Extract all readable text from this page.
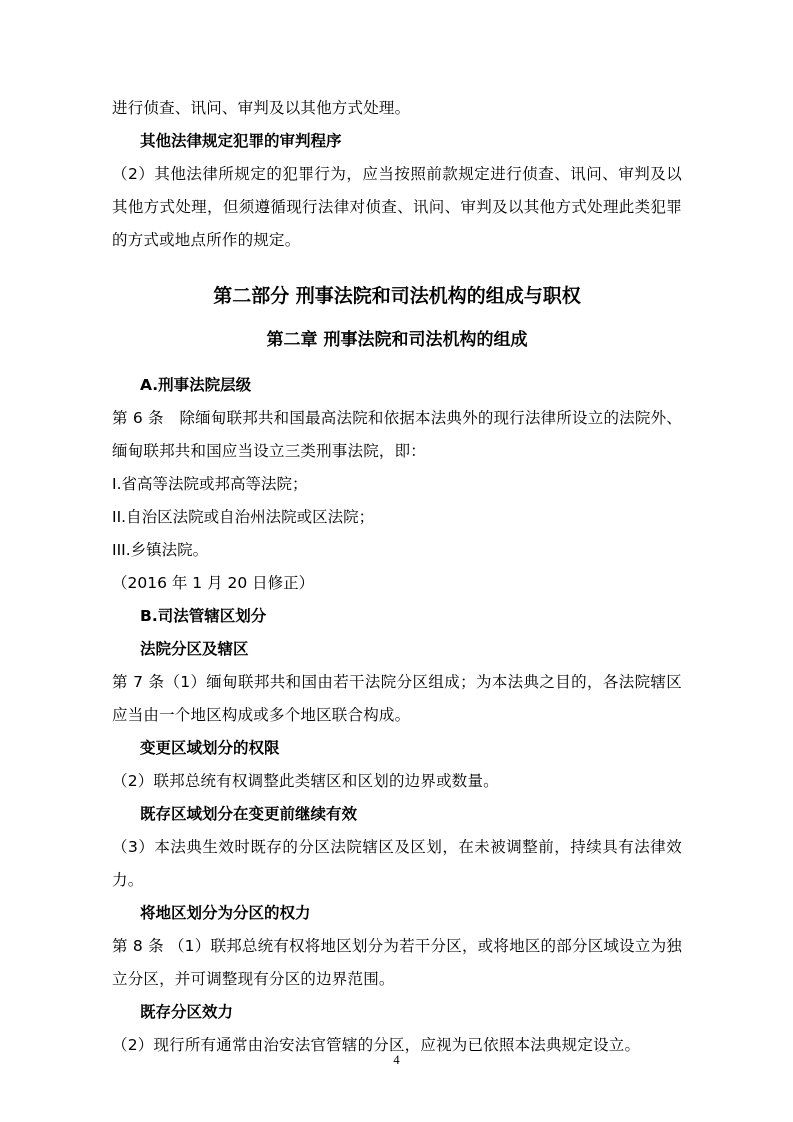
进行侦查、讯问、审判及以其他方式处理。

其他法律规定犯罪的审判程序

（2）其他法律所规定的犯罪行为，应当按照前款规定进行侦查、讯问、审判及以其他方式处理，但须遵循现行法律对侦查、讯问、审判及以其他方式处理此类犯罪的方式或地点所作的规定。

第二部分 刑事法院和司法机构的组成与职权
第二章 刑事法院和司法机构的组成

A.刑事法院层级

第 6 条　除缅甸联邦共和国最高法院和依据本法典外的现行法律所设立的法院外、缅甸联邦共和国应当设立三类刑事法院，即：

I.省高等法院或邦高等法院；

II.自治区法院或自治州法院或区法院；

III.乡镇法院。

（2016 年 1 月 20 日修正）

B.司法管辖区划分

法院分区及辖区

第 7 条（1）缅甸联邦共和国由若干法院分区组成；为本法典之目的，各法院辖区应当由一个地区构成或多个地区联合构成。

变更区域划分的权限

（2）联邦总统有权调整此类辖区和区划的边界或数量。

既存区域划分在变更前继续有效

（3）本法典生效时既存的分区法院辖区及区划，在未被调整前，持续具有法律效力。

将地区划分为分区的权力

第 8 条 （1）联邦总统有权将地区划分为若干分区，或将地区的部分区域设立为独立分区，并可调整现有分区的边界范围。

既存分区效力

（2）现行所有通常由治安法官管辖的分区，应视为已依照本法典规定设立。

4
